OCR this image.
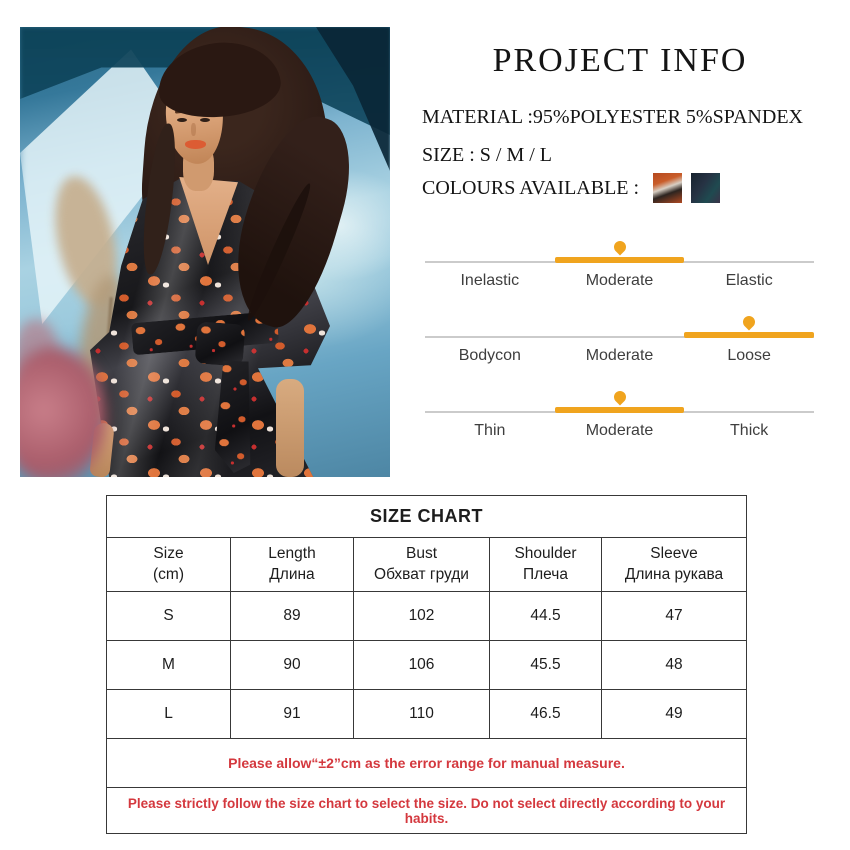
PROJECT INFO
MATERIAL :95%POLYESTER 5%SPANDEX
SIZE : S / M / L
COLOURS AVAILABLE :
Inelastic	Moderate	Elastic
Bodycon	Moderate	Loose
Thin	Moderate	Thick
SIZE CHART				

Size
(cm)

Length
Длина

Bust
Обхват груди

Shoulder
Плеча

Sleeve
Длина рукава

S	89	102	44.5	47
M	90	106	45.5	48
L	91	110	46.5	49
Please allow“±2”cm as the error range for manual measure.				
Please strictly follow the size chart to select the size. Do not select directly according to your habits.				
